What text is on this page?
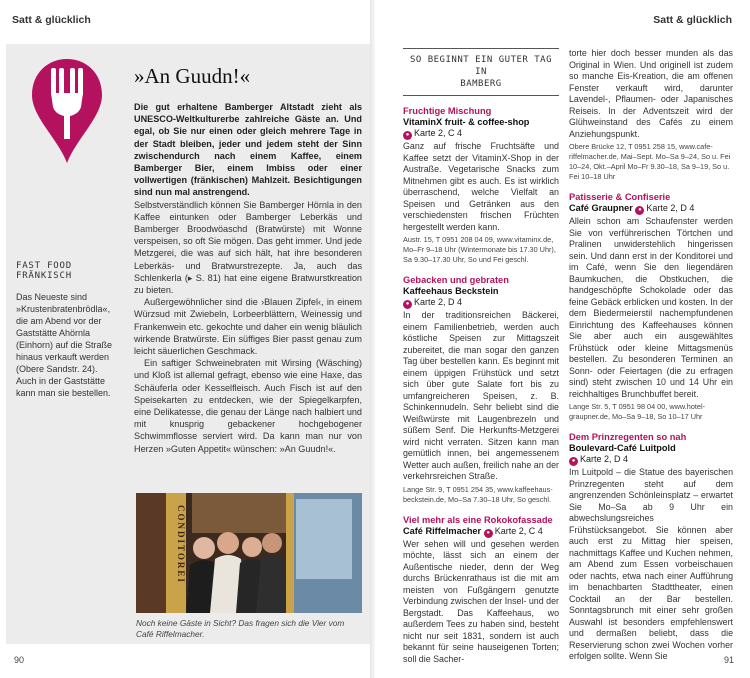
Satt & glücklich
FAST FOOD FRÄNKISCH
Das Neueste sind »Krustenbratenbrödla«, die am Abend vor der Gaststätte Ahörnla (Einhorn) auf die Straße hinaus verkauft werden (Obere Sandstr. 24). Auch in der Gaststätte kann man sie bestellen.
»An Guudn!«

Die gut erhaltene Bamberger Altstadt zieht als UNESCO-Weltkulturerbe zahlreiche Gäste an. Und egal, ob Sie nur einen oder gleich mehrere Tage in der Stadt bleiben, jeder und jedem steht der Sinn zwischendurch nach einem Kaffee, einem Bamberger Bier, einem Imbiss oder einer vollwertigen (fränkischen) Mahlzeit. Besichtigungen sind nun mal anstrengend.

Selbstverständlich können Sie Bamberger Hörnla in den Kaffee eintunken oder Bamberger Leberkäs und Bamberger Broodwöaschd (Bratwürste) mit Wonne verspeisen, so oft Sie mögen. Das geht immer. Und jede Metzgerei, die was auf sich hält, hat ihre besonderen Leberkäs- und Bratwurstrezepte. Ja, auch das Schlenkerla (▸ S. 81) hat eine eigene Bratwurstkreation zu bieten.

Außergewöhnlicher sind die ›Blauen Zipfel‹, in einem Würzsud mit Zwiebeln, Lorbeerblättern, Weinessig und Frankenwein etc. gekochte und daher ein wenig bläulich wirkende Bratwürste. Ein süffiges Bier passt genau zum leicht säuerlichen Geschmack.

Ein saftiger Schweinebraten mit Wirsing (Wäsching) und Kloß ist allemal gefragt, ebenso wie eine Haxe, das Schäuferla oder Kesselfleisch. Auch Fisch ist auf den Speisekarten zu entdecken, wie der Spiegelkarpfen, eine Delikatesse, die genau der Länge nach halbiert und mit knusprig gebackener hochgebogener Schwimmflosse serviert wird. Da kann man nur von Herzen »Guten Appetit« wünschen: »An Guudn!«.

CONDITOREI
Noch keine Gäste in Sicht? Das fragen sich die Vier vom Café Riffelmacher.
90
Satt & glücklich
91
SO BEGINNT EIN GUTER TAG IN
BAMBERG
Fruchtige Mischung
VitaminX fruit- & coffee-shop
● Karte 2, C 4
Ganz auf frische Fruchtsäfte und Kaffee setzt der VitaminX-Shop in der Austraße. Vegetarische Snacks zum Mitnehmen gibt es auch. Es ist wirklich überraschend, welche Vielfalt an Speisen und Getränken aus den verschiedensten frischen Früchten hergestellt werden kann.
Austr. 15, T 0951 208 04 09, www.vitaminx.de, Mo–Fr 9–18 Uhr (Wintermonate bis 17.30 Uhr), Sa 9.30–17.30 Uhr, So und Fei geschl.
Gebacken und gebraten
Kaffeehaus Beckstein
● Karte 2, D 4
In der traditionsreichen Bäckerei, einem Familienbetrieb, werden auch köstliche Speisen zur Mittagszeit zubereitet, die man sogar den ganzen Tag über bestellen kann. Es beginnt mit einem üppigen Frühstück und setzt sich über gute Salate fort bis zu umfangreicheren Speisen, z. B. Schinkennudeln. Sehr beliebt sind die Weißwürste mit Laugenbrezeln und süßem Senf. Die Herkunfts-Metzgerei wird nicht verraten. Sitzen kann man gemütlich innen, bei angemessenem Wetter auch außen, freilich nahe an der verkehrsreichen Straße.
Lange Str. 9, T 0951 254 35, www.kaffeehaus-beckstein.de, Mo–Sa 7.30–18 Uhr, So geschl.
Viel mehr als eine Rokokofassade
Café Riffelmacher ● Karte 2, C 4
Wer sehen will und gesehen werden möchte, lässt sich an einem der Außentische nieder, denn der Weg durchs Brückenrathaus ist die mit am meisten von Fußgängern genutzte Verbindung zwischen der Insel- und der Bergstadt. Das Kaffeehaus, wo außerdem Tees zu haben sind, besteht nicht nur seit 1831, sondern ist auch bekannt für seine hauseigenen Torten; soll die Sacher-
torte hier doch besser munden als das Original in Wien. Und originell ist zudem so manche Eis-Kreation, die am offenen Fenster verkauft wird, darunter Lavendel-, Pflaumen- oder Japanisches Reiseis. In der Adventszeit wird der Glühweinstand des Cafés zu einem Anziehungspunkt.
Obere Brücke 12, T 0951 258 15, www.cafe-riffelmacher.de, Mai–Sept. Mo–Sa 9–24, So u. Fei 10–24, Okt.–April Mo–Fr 9.30–18, Sa 9–19, So u. Fei 10–18 Uhr
Patisserie & Confiserie
Café Graupner ● Karte 2, D 4
Allein schon am Schaufenster werden Sie von verführerischen Törtchen und Pralinen unwiderstehlich hingerissen sein. Und dann erst in der Konditorei und im Café, wenn Sie den liegendären Baumkuchen, die Obstkuchen, die handgeschöpfte Schokolade oder das feine Gebäck erblicken und kosten. In der dem Biedermeierstil nachempfundenen Einrichtung des Kaffeehauses können Sie aber auch ein ausgewähltes Frühstück oder kleine Mittagsmenüs bestellen. Zu besonderen Terminen an Sonn- oder Feiertagen (die zu erfragen sind) steht zwischen 10 und 14 Uhr ein reichhaltiges Brunchbuffet bereit.
Lange Str. 5, T 0951 98 04 00, www.hotel-graupner.de, Mo–Sa 9–18, So 10–17 Uhr
Dem Prinzregenten so nah
Boulevard-Café Luitpold
● Karte 2, D 4
Im Luitpold – die Statue des bayerischen Prinzregenten steht auf dem angrenzenden Schönleinsplatz – erwartet Sie Mo–Sa ab 9 Uhr ein abwechslungsreiches Frühstücksangebot. Sie können aber auch erst zu Mittag hier speisen, nachmittags Kaffee und Kuchen nehmen, am Abend zum Essen vorbeischauen oder nachts, etwa nach einer Aufführung im benachbarten Stadttheater, einen Cocktail an der Bar bestellen. Sonntagsbrunch mit einer sehr großen Auswahl ist besonders empfehlenswert und dermaßen beliebt, dass die Reservierung schon zwei Wochen vorher erfolgen sollte. Wenn Sie
